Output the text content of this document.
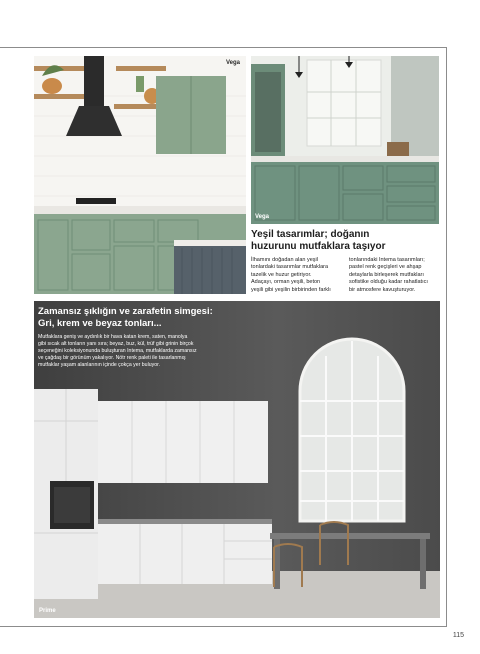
Vega
Vega
Yeşil tasarımlar; doğanın
huzurunu mutfaklara taşıyor

İlhamını doğadan alan yeşil

tonlardaki tasarımlar mutfaklara

tazelik ve huzur getiriyor.

Adaçayı, orman yeşili, beton

yeşili gibi yeşilin birbirinden farklı

tonlarındaki Intema tasarımları;

pastel renk geçişleri ve ahşap

detaylarla birleşerek mutfakları

sofistike olduğu kadar rahatlatıcı

bir atmosfere kavuşturuyor.

Prime
Zamansız şıklığın ve zarafetin simgesi:
Gri, krem ve beyaz tonları...

Mutfaklara geniş ve aydınlık bir hava katan krem, saten, manolya

gibi sıcak alt tonların yanı sıra; beyaz, buz, kül, trüf gibi grinin birçok

seçeneğini koleksiyonunda buluşturan Intema, mutfaklarda zamansız

ve çağdaş bir görünüm yakalıyor. Nötr renk paleti ile tasarlanmış

mutfaklar yaşam alanlarının içinde çokça yer buluyor.

115
